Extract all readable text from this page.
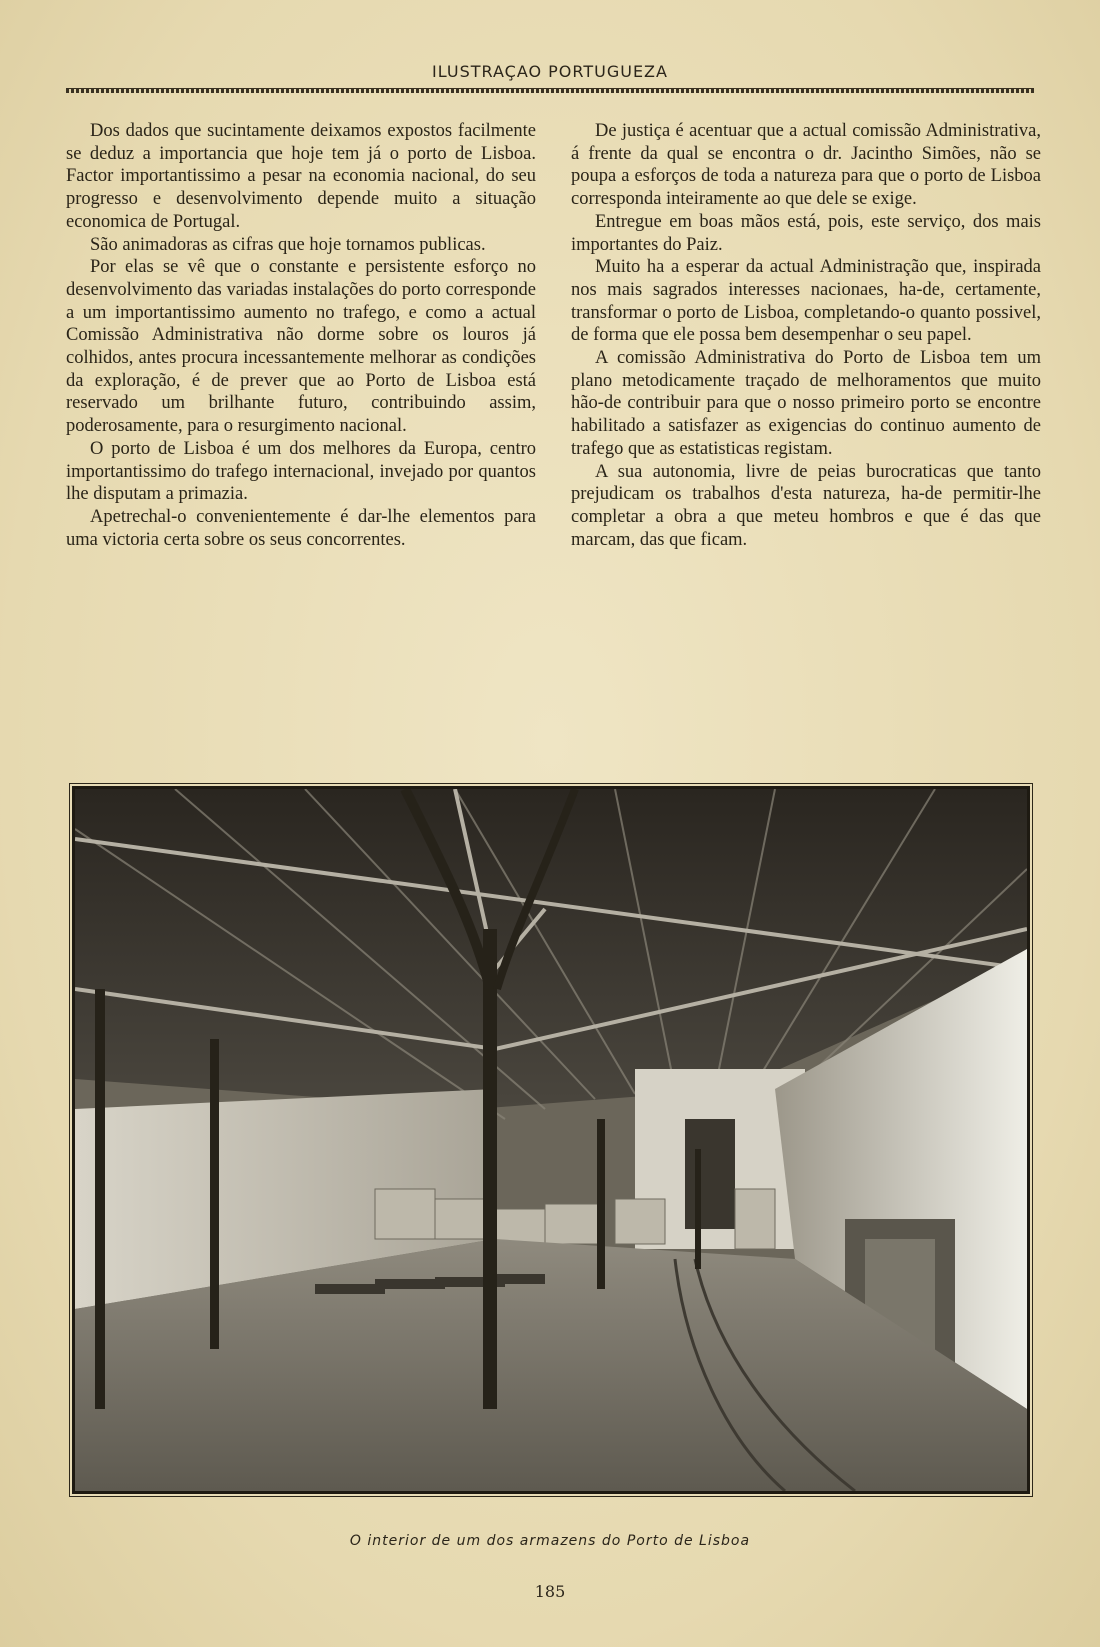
ILUSTRAÇAO PORTUGUEZA

Dos dados que sucintamente deixamos expostos facilmente se deduz a importancia que hoje tem já o porto de Lisboa. Factor importantissimo a pesar na economia nacional, do seu progresso e desenvolvimento depende muito a situação economica de Portugal.

São animadoras as cifras que hoje tornamos publicas.

Por elas se vê que o constante e persistente esforço no desenvolvimento das variadas instalações do porto corresponde a um importantissimo aumento no trafego, e como a actual Comissão Administrativa não dorme sobre os louros já colhidos, antes procura incessantemente melhorar as condições da exploração, é de prever que ao Porto de Lisboa está reservado um brilhante futuro, contribuindo assim, poderosamente, para o resurgimento nacional.

O porto de Lisboa é um dos melhores da Europa, centro importantissimo do trafego internacional, invejado por quantos lhe disputam a primazia.

Apetrechal-o convenientemente é dar-lhe elementos para uma victoria certa sobre os seus concorrentes.

De justiça é acentuar que a actual comissão Administrativa, á frente da qual se encontra o dr. Jacintho Simões, não se poupa a esforços de toda a natureza para que o porto de Lisboa corresponda inteiramente ao que dele se exige.

Entregue em boas mãos está, pois, este serviço, dos mais importantes do Paiz.

Muito ha a esperar da actual Administração que, inspirada nos mais sagrados interesses nacionaes, ha-de, certamente, transformar o porto de Lisboa, completando-o quanto possivel, de forma que ele possa bem desempenhar o seu papel.

A comissão Administrativa do Porto de Lisboa tem um plano metodicamente traçado de melhoramentos que muito hão-de contribuir para que o nosso primeiro porto se encontre habilitado a satisfazer as exigencias do continuo aumento de trafego que as estatisticas registam.

A sua autonomia, livre de peias burocraticas que tanto prejudicam os trabalhos d'esta natureza, ha-de permitir-lhe completar a obra a que meteu hombros e que é das que marcam, das que ficam.

O interior de um dos armazens do Porto de Lisboa
185
